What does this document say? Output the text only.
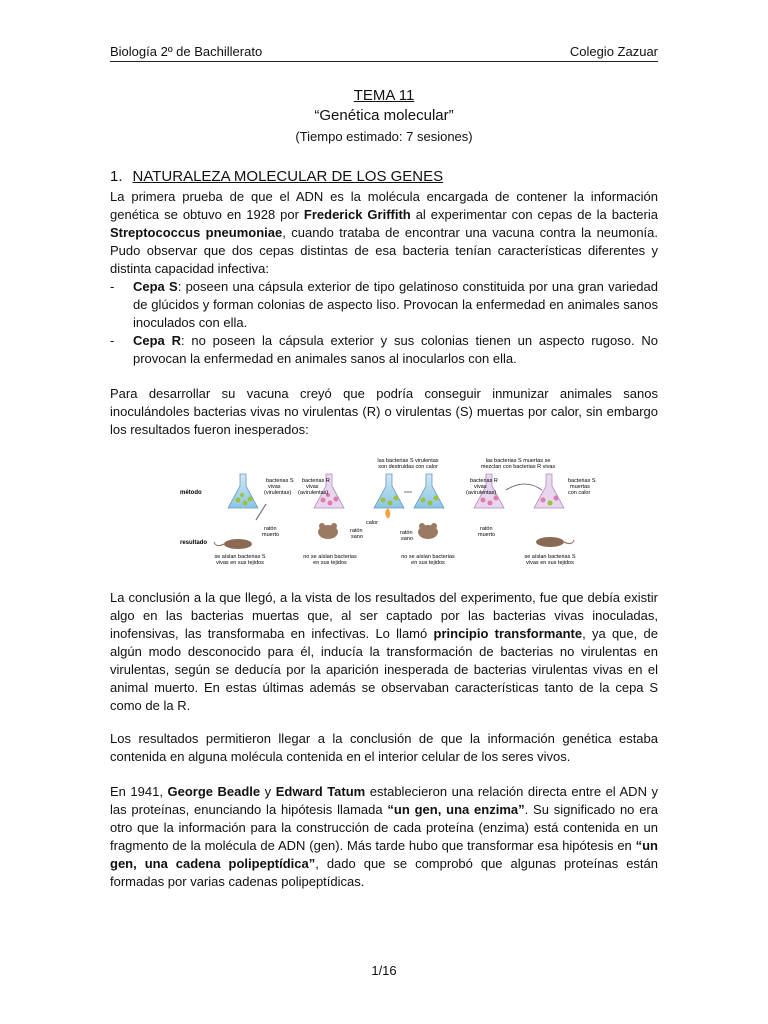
Biología 2º de Bachillerato	Colegio Zazuar
TEMA 11
“Genética molecular”
(Tiempo estimado: 7 sesiones)
1. NATURALEZA MOLECULAR DE LOS GENES

La primera prueba de que el ADN es la molécula encargada de contener la información genética se obtuvo en 1928 por Frederick Griffith al experimentar con cepas de la bacteria Streptococcus pneumoniae, cuando trataba de encontrar una vacuna contra la neumonía. Pudo observar que dos cepas distintas de esa bacteria tenían características diferentes y distinta capacidad infectiva:

- Cepa S: poseen una cápsula exterior de tipo gelatinoso constituida por una gran variedad de glúcidos y forman colonias de aspecto liso. Provocan la enfermedad en animales sanos inoculados con ella.
- Cepa R: no poseen la cápsula exterior y sus colonias tienen un aspecto rugoso. No provocan la enfermedad en animales sanos al inocularlos con ella.

Para desarrollar su vacuna creyó que podría conseguir inmunizar animales sanos inoculándoles bacterias vivas no virulentas (R) o virulentas (S) muertas por calor, sin embargo los resultados fueron inesperados:

método
resultado
las bacterias S virulentas
son destruidas con calor
las bacterias S muertas se
mezclan con bacterias R vivas
bacterias S
vivas
(virulentas)
bacterias R
vivas
(avirulentas)
calor
bacterias R
vivas
(avirulentas)
bacterias S
muertas
con calor
ratón
muerto
ratón
sano
ratón
sano
ratón
muerto
se aíslan bacterias S
vivas en sus tejidos
no se aíslan bacterias
en sus tejidos
no se aíslan bacterias
en sus tejidos
se aíslan bacterias S
vivas en sus tejidos

La conclusión a la que llegó, a la vista de los resultados del experimento, fue que debía existir algo en las bacterias muertas que, al ser captado por las bacterias vivas inoculadas, inofensivas, las transformaba en infectivas. Lo llamó principio transformante, ya que, de algún modo desconocido para él, inducía la transformación de bacterias no virulentas en virulentas, según se deducía por la aparición inesperada de bacterias virulentas vivas en el animal muerto. En estas últimas además se observaban características tanto de la cepa S como de la R.

Los resultados permitieron llegar a la conclusión de que la información genética estaba contenida en alguna molécula contenida en el interior celular de los seres vivos.

En 1941, George Beadle y Edward Tatum establecieron una relación directa entre el ADN y las proteínas, enunciando la hipótesis llamada “un gen, una enzima”. Su significado no era otro que la información para la construcción de cada proteína (enzima) está contenida en un fragmento de la molécula de ADN (gen). Más tarde hubo que transformar esa hipótesis en “un gen, una cadena polipeptídica”, dado que se comprobó que algunas proteínas están formadas por varias cadenas polipeptídicas.

1/16
